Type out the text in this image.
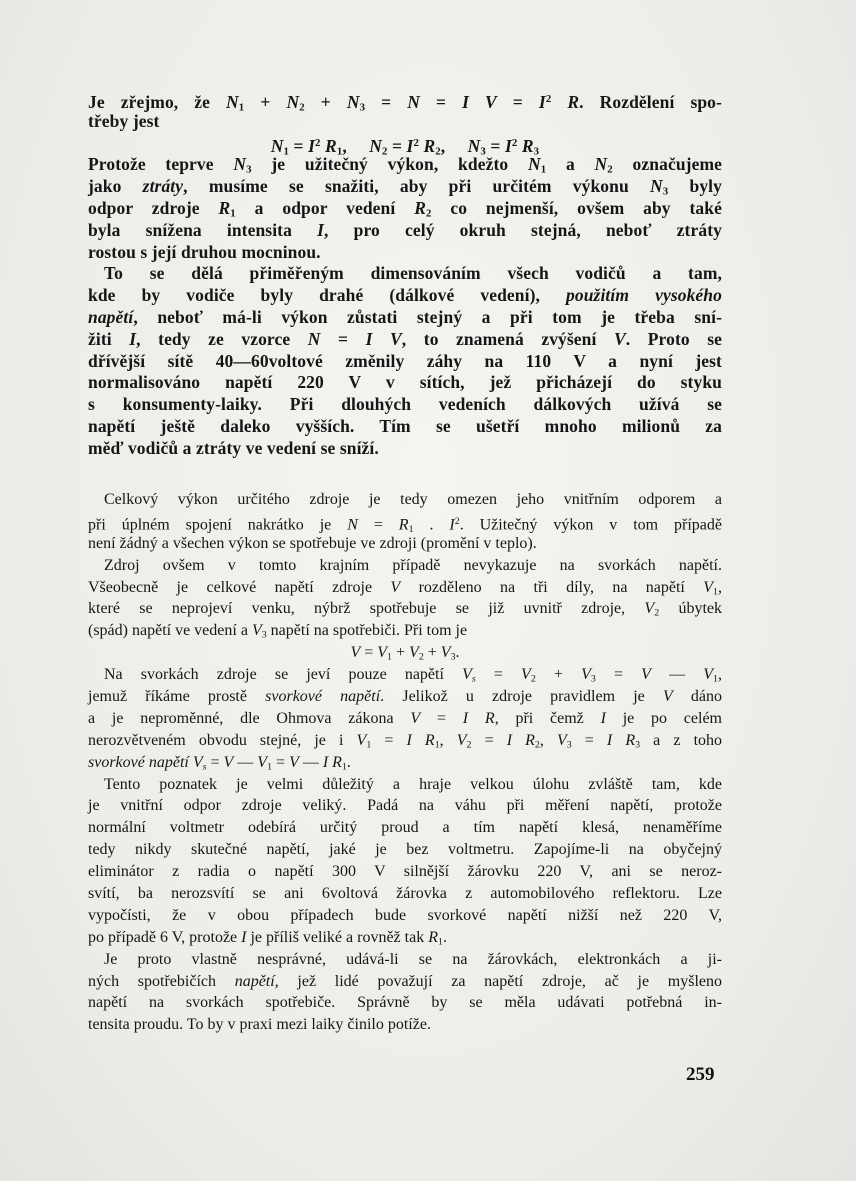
Je zřejmo, že $N_1 + N_2 + N_3 = N = I$ $V = I^2$ R. Rozdělení spo-
třeby jest
$N_1 = I^2$ $R_1$,     $N_2 = I^2$ $R_2$,     $N_3 = I^2$ $R_3$
Protože teprve $N_3$ je užitečný výkon, kdežto $N_1$ a $N_2$ označujeme
jako ztráty, musíme se snažiti, aby při určitém výkonu $N_3$ byly
odpor zdroje $R_1$ a odpor vedení $R_2$ co nejmenší, ovšem aby také
byla snížena intensita I, pro celý okruh stejná, neboť ztráty
rostou s její druhou mocninou.
To se dělá přiměřeným dimensováním všech vodičů a tam,
kde by vodiče byly drahé (dálkové vedení), použitím vysokého
napětí, neboť má-li výkon zůstati stejný a při tom je třeba sní-
žiti I, tedy ze vzorce N = I V, to znamená zvýšení V. Proto se
dřívější sítě 40—60voltové změnily záhy na 110 V a nyní jest
normalisováno napětí 220 V v sítích, jež přicházejí do styku
s konsumenty-laiky. Při dlouhých vedeních dálkových užívá se
napětí ještě daleko vyšších. Tím se ušetří mnoho milionů za
měď vodičů a ztráty ve vedení se sníží.
Celkový výkon určitého zdroje je tedy omezen jeho vnitřním odporem a
při úplném spojení nakrátko je $N = R_1$ . $I^2$. Užitečný výkon v tom případě
není žádný a všechen výkon se spotřebuje ve zdroji (promění v teplo).
Zdroj ovšem v tomto krajním případě nevykazuje na svorkách napětí.
Všeobecně je celkové napětí zdroje V rozděleno na tři díly, na napětí $V_1$,
které se neprojeví venku, nýbrž spotřebuje se již uvnitř zdroje, $V_2$ úbytek
(spád) napětí ve vedení a $V_3$ napětí na spotřebiči. Při tom je
$V = V_1 + V_2 + V_3$.
Na svorkách zdroje se jeví pouze napětí $V_s = V_2 + V_3 = V$ — $V_1$,
jemuž říkáme prostě svorkové napětí. Jelikož u zdroje pravidlem je V dáno
a je neproměnné, dle Ohmova zákona V = I R, při čemž I je po celém
nerozvětveném obvodu stejné, je i $V_1 = I$ $R_1$, $V_2 = I$ $R_2$, $V_3 = I$ $R_3$ a z toho
svorkové napětí $V_s = V$ — $V_1 = V$ — I $R_1$.
Tento poznatek je velmi důležitý a hraje velkou úlohu zvláště tam, kde
je vnitřní odpor zdroje veliký. Padá na váhu při měření napětí, protože
normální voltmetr odebírá určitý proud a tím napětí klesá, nenaměříme
tedy nikdy skutečné napětí, jaké je bez voltmetru. Zapojíme-li na obyčejný
eliminátor z radia o napětí 300 V silnější žárovku 220 V, ani se neroz-
svítí, ba nerozsvítí se ani 6voltová žárovka z automobilového reflektoru. Lze
vypočísti, že v obou případech bude svorkové napětí nižší než 220 V,
po případě 6 V, protože I je příliš veliké a rovněž tak $R_1$.
Je proto vlastně nesprávné, udává-li se na žárovkách, elektronkách a ji-
ných spotřebičích napětí, jež lidé považují za napětí zdroje, ač je myšleno
napětí na svorkách spotřebiče. Správně by se měla udávati potřebná in-
tensita proudu. To by v praxi mezi laiky činilo potíže.
259
